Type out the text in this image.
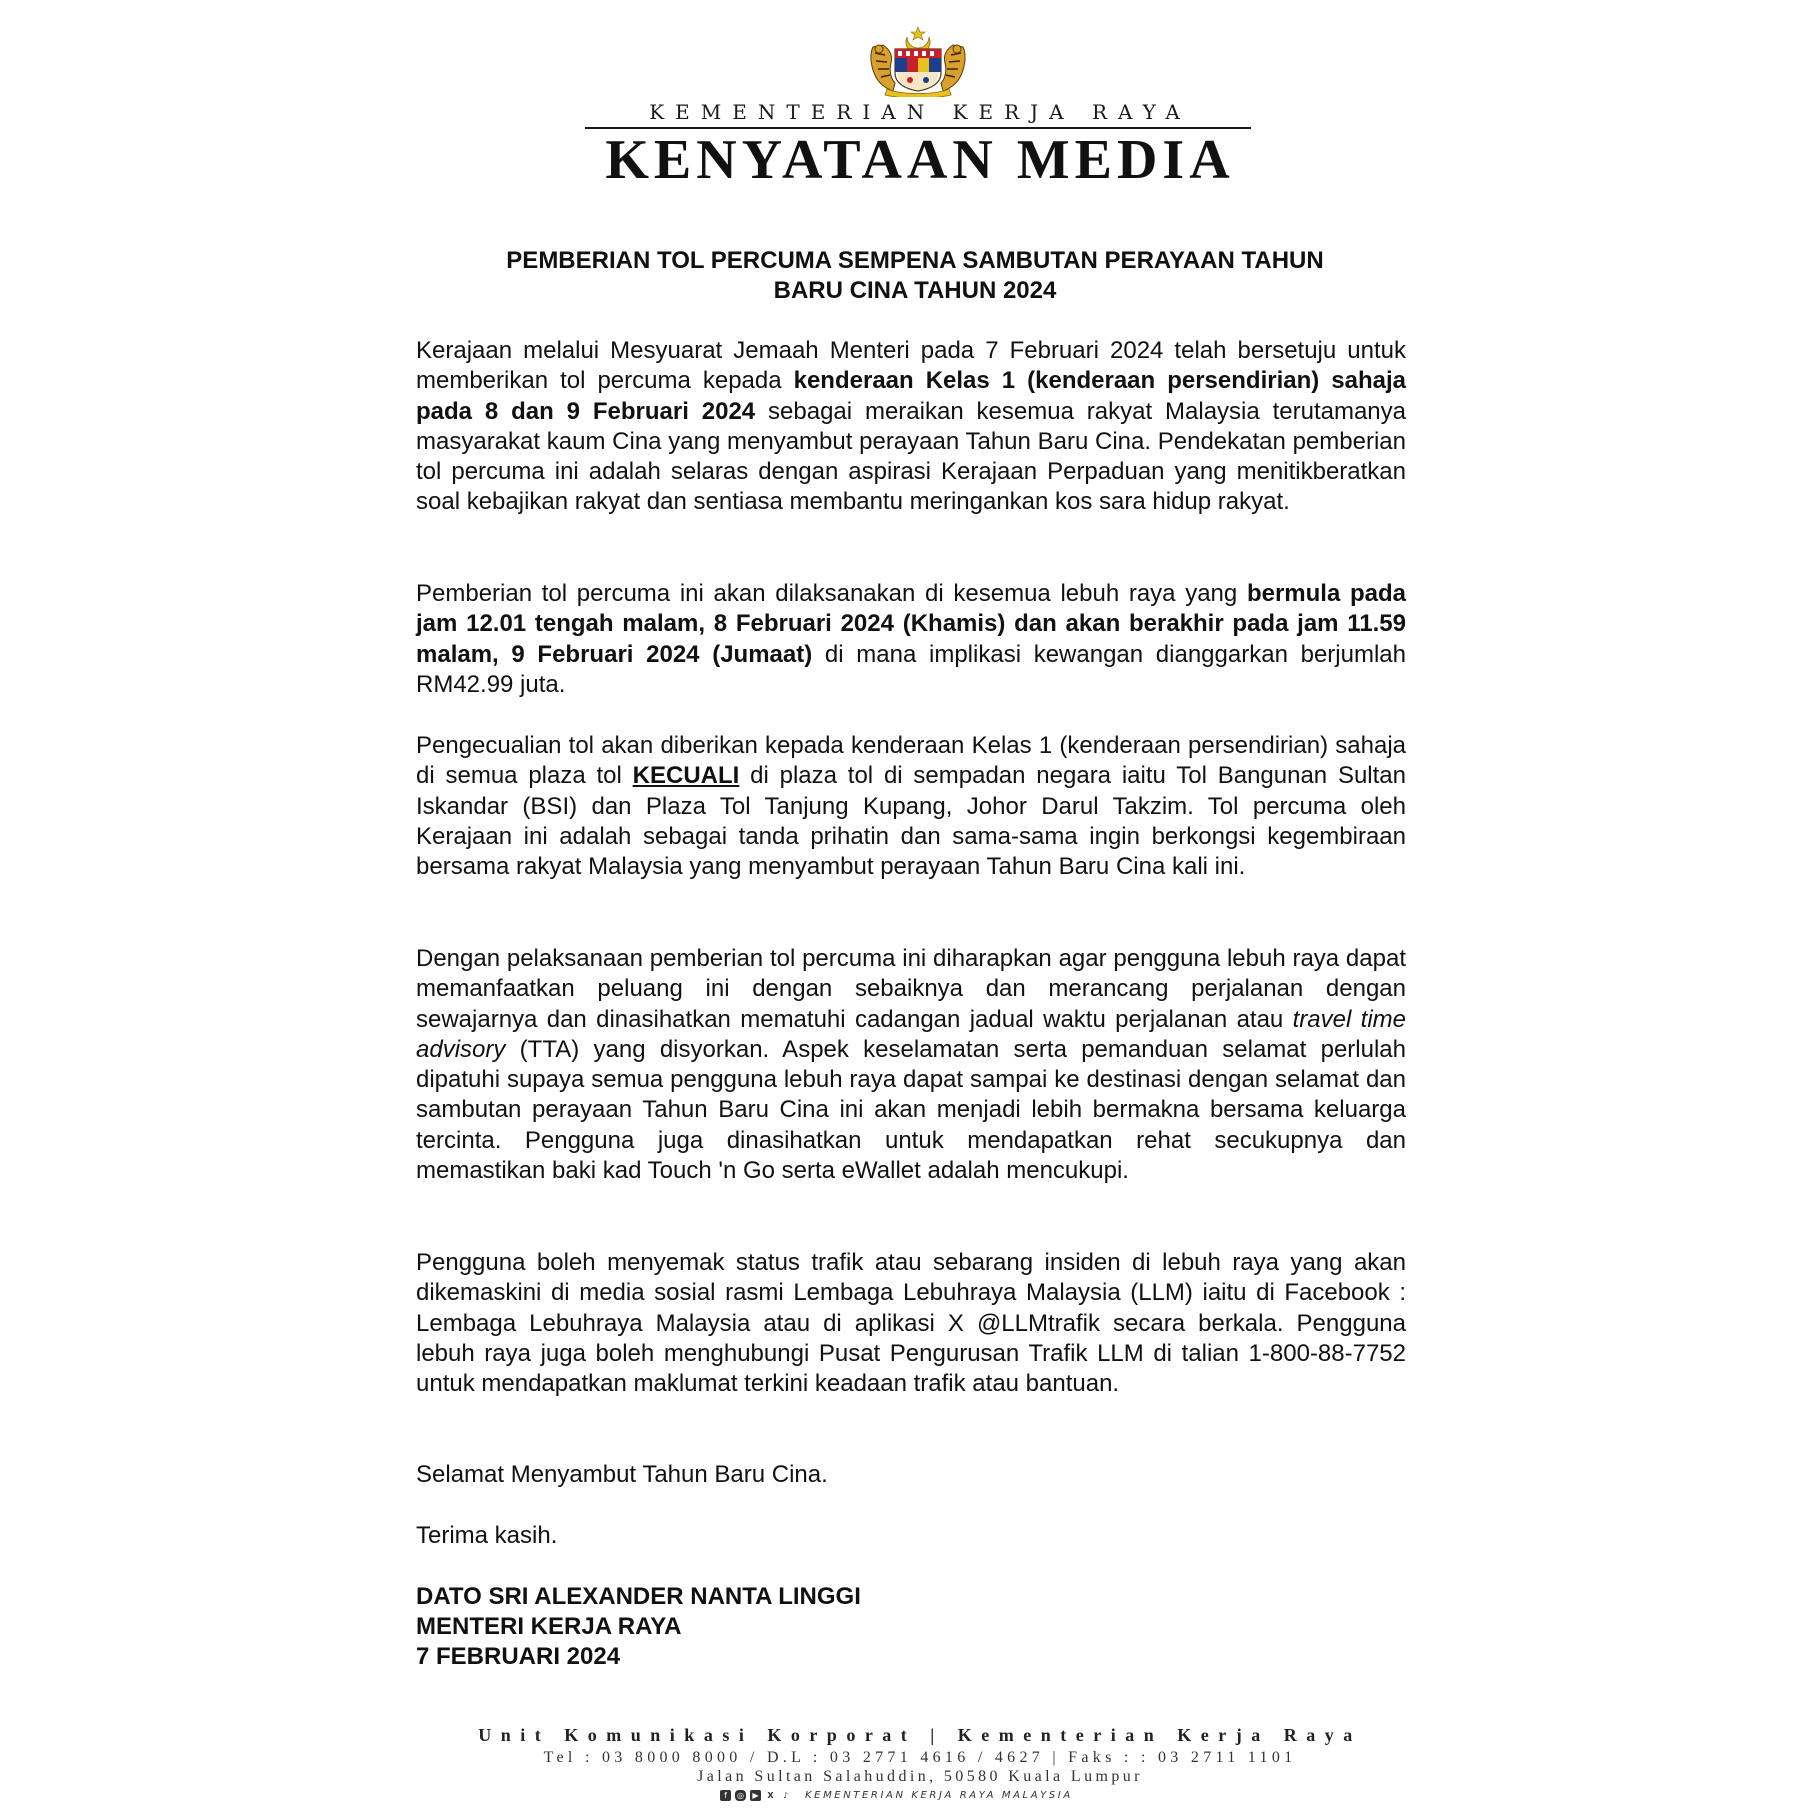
KEMENTERIAN KERJA RAYA
KENYATAAN MEDIA
PEMBERIAN TOL PERCUMA SEMPENA SAMBUTAN PERAYAAN TAHUN
BARU CINA TAHUN 2024
Kerajaan melalui Mesyuarat Jemaah Menteri pada 7 Februari 2024 telah bersetuju untuk memberikan tol percuma kepada kenderaan Kelas 1 (kenderaan persendirian) sahaja pada 8 dan 9 Februari 2024 sebagai meraikan kesemua rakyat Malaysia terutamanya masyarakat kaum Cina yang menyambut perayaan Tahun Baru Cina. Pendekatan pemberian tol percuma ini adalah selaras dengan aspirasi Kerajaan Perpaduan yang menitikberatkan soal kebajikan rakyat dan sentiasa membantu meringankan kos sara hidup rakyat.
Pemberian tol percuma ini akan dilaksanakan di kesemua lebuh raya yang bermula pada jam 12.01 tengah malam, 8 Februari 2024 (Khamis) dan akan berakhir pada jam 11.59 malam, 9 Februari 2024 (Jumaat) di mana implikasi kewangan dianggarkan berjumlah RM42.99 juta.
Pengecualian tol akan diberikan kepada kenderaan Kelas 1 (kenderaan persendirian) sahaja di semua plaza tol KECUALI di plaza tol di sempadan negara iaitu Tol Bangunan Sultan Iskandar (BSI) dan Plaza Tol Tanjung Kupang, Johor Darul Takzim. Tol percuma oleh Kerajaan ini adalah sebagai tanda prihatin dan sama-sama ingin berkongsi kegembiraan bersama rakyat Malaysia yang menyambut perayaan Tahun Baru Cina kali ini.
Dengan pelaksanaan pemberian tol percuma ini diharapkan agar pengguna lebuh raya dapat memanfaatkan peluang ini dengan sebaiknya dan merancang perjalanan dengan sewajarnya dan dinasihatkan mematuhi cadangan jadual waktu perjalanan atau travel time advisory (TTA) yang disyorkan. Aspek keselamatan serta pemanduan selamat perlulah dipatuhi supaya semua pengguna lebuh raya dapat sampai ke destinasi dengan selamat dan sambutan perayaan Tahun Baru Cina ini akan menjadi lebih bermakna bersama keluarga tercinta. Pengguna juga dinasihatkan untuk mendapatkan rehat secukupnya dan memastikan baki kad Touch 'n Go serta eWallet adalah mencukupi.
Pengguna boleh menyemak status trafik atau sebarang insiden di lebuh raya yang akan dikemaskini di media sosial rasmi Lembaga Lebuhraya Malaysia (LLM) iaitu di Facebook : Lembaga Lebuhraya Malaysia atau di aplikasi X @LLMtrafik secara berkala. Pengguna lebuh raya juga boleh menghubungi Pusat Pengurusan Trafik LLM di talian 1-800-88-7752 untuk mendapatkan maklumat terkini keadaan trafik atau bantuan.
Selamat Menyambut Tahun Baru Cina.
Terima kasih.
DATO SRI ALEXANDER NANTA LINGGI
MENTERI KERJA RAYA
7 FEBRUARI 2024
Unit Komunikasi Korporat | Kementerian Kerja Raya
Tel : 03 8000 8000 / D.L : 03 2771 4616 / 4627 | Faks : : 03 2711 1101
Jalan Sultan Salahuddin, 50580 Kuala Lumpur
f	◎	▶	X	♪ KEMENTERIAN KERJA RAYA MALAYSIA
